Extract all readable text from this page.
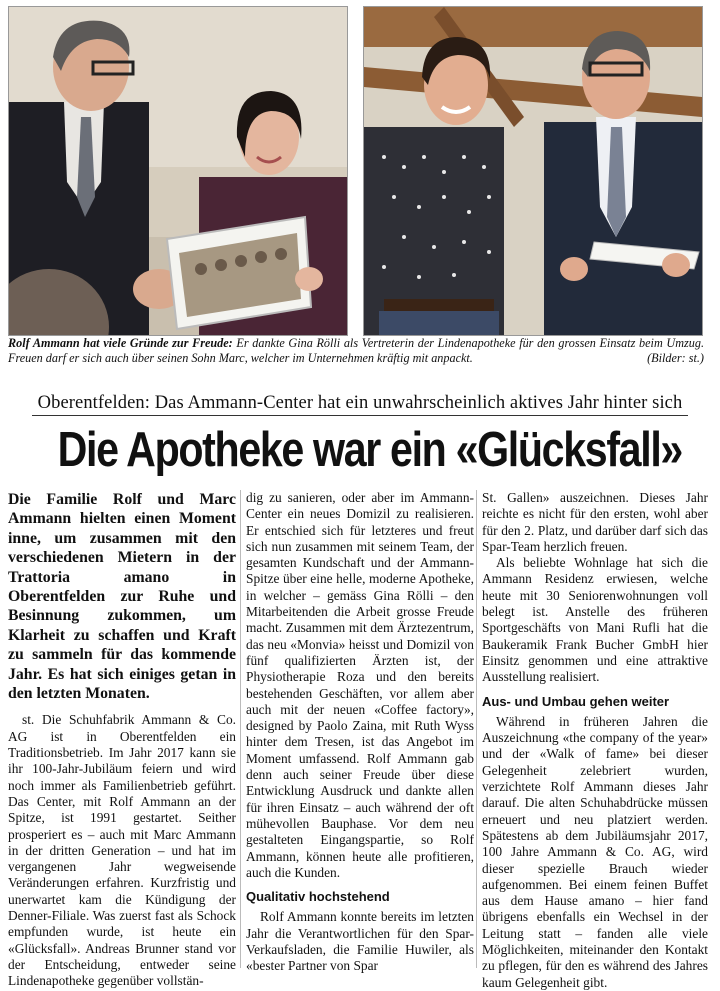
Rolf Ammann hat viele Gründe zur Freude: Er dankte Gina Rölli als Vertreterin der Lindenapotheke für den grossen Einsatz beim Umzug. Freuen darf er sich auch über seinen Sohn Marc, welcher im Unternehmen kräftig mit anpackt.	(Bilder: st.)
Oberentfelden: Das Ammann-Center hat ein unwahrscheinlich aktives Jahr hinter sich
Die Apotheke war ein «Glücksfall»

Die Familie Rolf und Marc Ammann hielten einen Moment inne, um zusammen mit den verschiedenen Mietern in der Trattoria amano in Oberentfelden zur Ruhe und Besinnung zukommen, um Klarheit zu schaffen und Kraft zu sammeln für das kommende Jahr. Es hat sich einiges getan in den letzten Monaten.

st. Die Schuhfabrik Ammann & Co. AG ist in Oberentfelden ein Traditionsbetrieb. Im Jahr 2017 kann sie ihr 100-Jahr-Jubiläum feiern und wird noch immer als Familienbetrieb geführt. Das Center, mit Rolf Ammann an der Spitze, ist 1991 gestartet. Seither prosperiert es – auch mit Marc Ammann in der dritten Generation – und hat im vergangenen Jahr wegweisende Veränderungen erfahren. Kurzfristig und unerwartet kam die Kündigung der Denner-Filiale. Was zuerst fast als Schock empfunden wurde, ist heute ein «Glücksfall». Andreas Brunner stand vor der Entscheidung, entweder seine Lindenapotheke gegenüber vollstän-

dig zu sanieren, oder aber im Ammann-Center ein neues Domizil zu realisieren. Er entschied sich für letzteres und freut sich nun zusammen mit seinem Team, der gesamten Kundschaft und der Ammann-Spitze über eine helle, moderne Apotheke, in welcher – gemäss Gina Rölli – den Mitarbeitenden die Arbeit grosse Freude macht. Zusammen mit dem Ärztezentrum, das neu «Monvia» heisst und Domizil von fünf qualifizierten Ärzten ist, der Physiotherapie Roza und den bereits bestehenden Geschäften, vor allem aber auch mit der neuen «Coffee factory», designed by Paolo Zaina, mit Ruth Wyss hinter dem Tresen, ist das Angebot im Moment umfassend. Rolf Ammann gab denn auch seiner Freude über diese Entwicklung Ausdruck und dankte allen für ihren Einsatz – auch während der oft mühevollen Bauphase. Vor dem neu gestalteten Eingangspartie, so Rolf Ammann, können heute alle profitieren, auch die Kunden.

Qualitativ hochstehend

Rolf Ammann konnte bereits im letzten Jahr die Verantwortlichen für den Spar-Verkaufsladen, die Familie Huwiler, als «bester Partner von Spar

St. Gallen» auszeichnen. Dieses Jahr reichte es nicht für den ersten, wohl aber für den 2. Platz, und darüber darf sich das Spar-Team herzlich freuen.

Als beliebte Wohnlage hat sich die Ammann Residenz erwiesen, welche heute mit 30 Seniorenwohnungen voll belegt ist. Anstelle des früheren Sportgeschäfts von Mani Rufli hat die Baukeramik Frank Bucher GmbH hier Einsitz genommen und eine attraktive Ausstellung realisiert.

Aus- und Umbau gehen weiter

Während in früheren Jahren die Auszeichnung «the company of the year» und der «Walk of fame» bei dieser Gelegenheit zelebriert wurden, verzichtete Rolf Ammann dieses Jahr darauf. Die alten Schuhabdrücke müssen erneuert und neu platziert werden. Spätestens ab dem Jubiläumsjahr 2017, 100 Jahre Ammann & Co. AG, wird dieser spezielle Brauch wieder aufgenommen. Bei einem feinen Buffet aus dem Hause amano – hier fand übrigens ebenfalls ein Wechsel in der Leitung statt – fanden alle viele Möglichkeiten, miteinander den Kontakt zu pflegen, für den es während des Jahres kaum Gelegenheit gibt.
